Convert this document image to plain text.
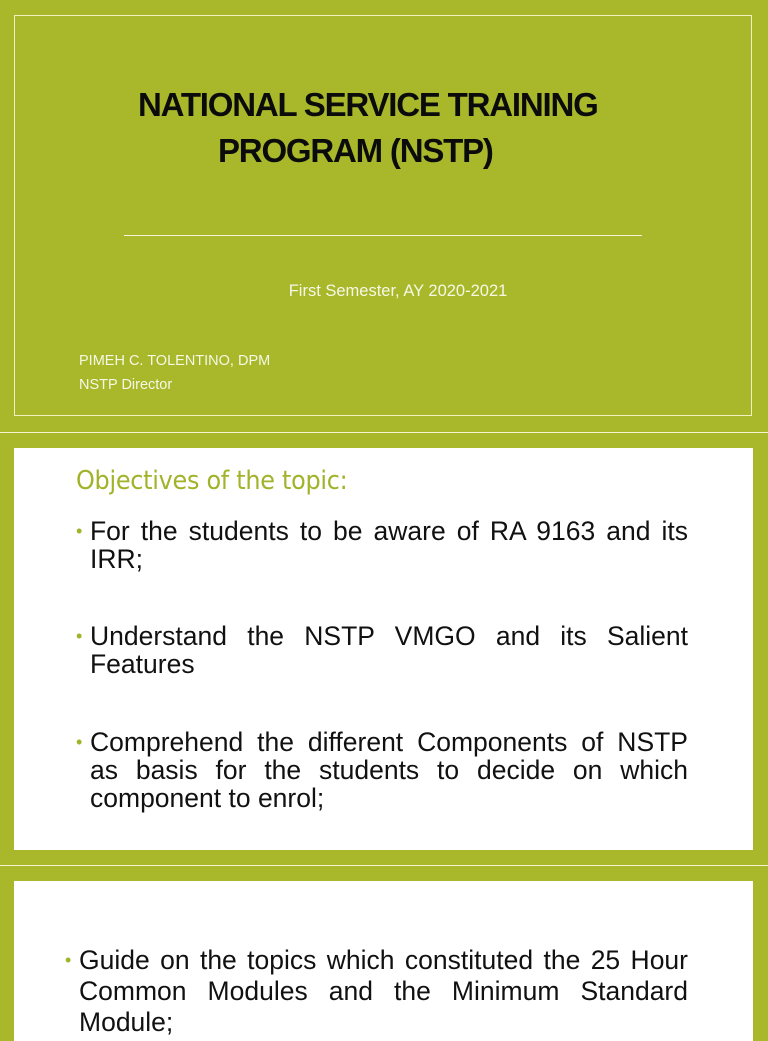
NATIONAL SERVICE TRAINING
PROGRAM (NSTP)
First Semester, AY 2020-2021
PIMEH C. TOLENTINO, DPM
NSTP Director
Objectives of the topic:
• For the students to be aware of RA 9163 and its IRR;
• Understand the NSTP VMGO and its Salient Features
• Comprehend the different Components of NSTP as basis for the students to decide on which component to enrol;
• Guide on the topics which constituted the 25 Hour Common Modules and the Minimum Standard Module;
